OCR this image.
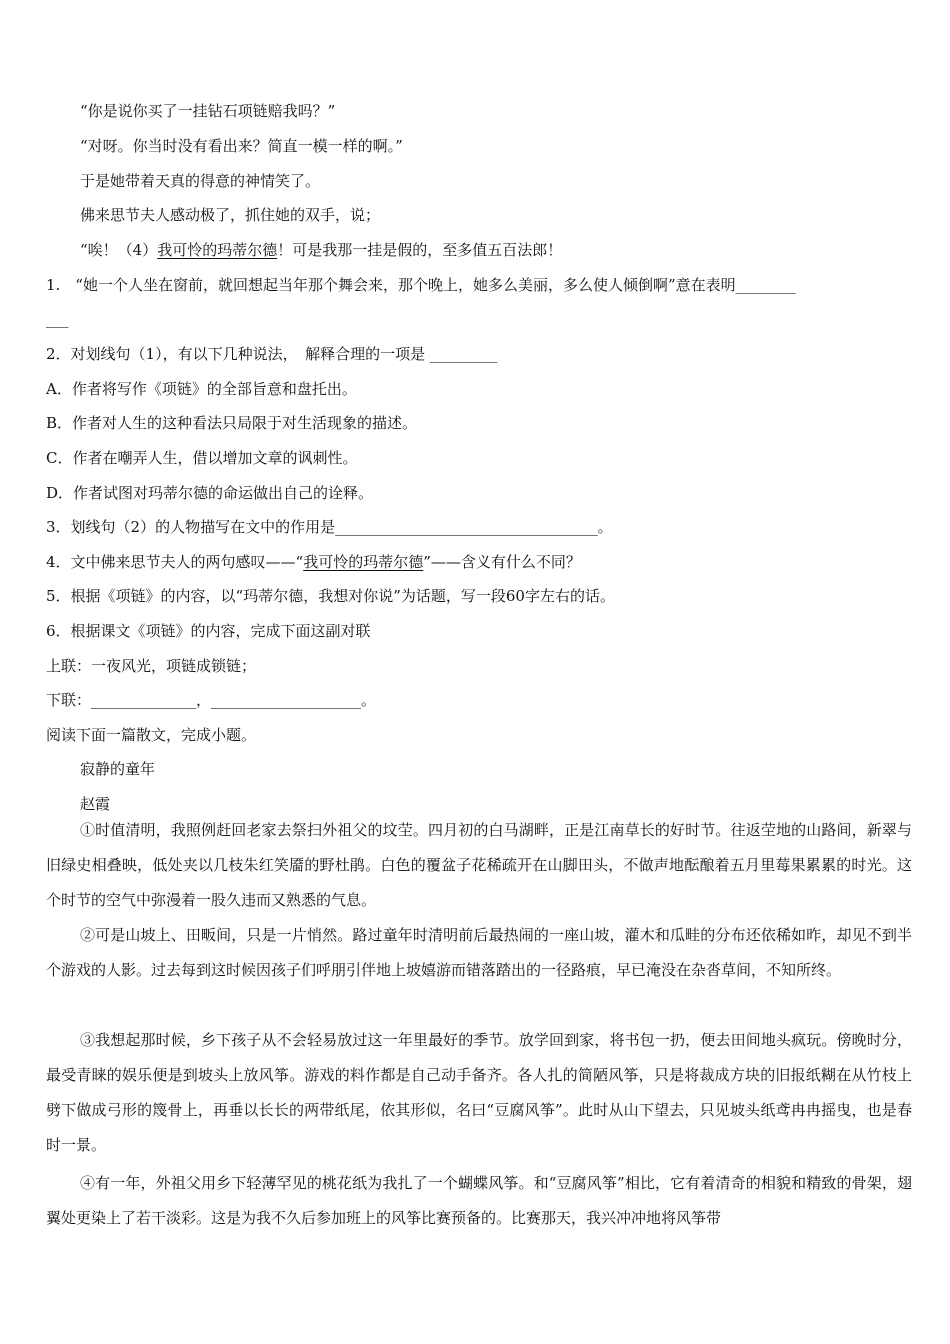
“你是说你买了一挂钻石项链赔我吗？”
“对呀。你当时没有看出来？简直一模一样的啊。”
于是她带着天真的得意的神情笑了。
佛来思节夫人感动极了，抓住她的双手，说；
“唉！（4）我可怜的玛蒂尔德！可是我那一挂是假的，至多值五百法郎！
1.　“她一个人坐在窗前，就回想起当年那个舞会来，那个晚上，她多么美丽，多么使人倾倒啊”意在表明________
___
2．对划线句（1），有以下几种说法，　解释合理的一项是 _________
A．作者将写作《项链》的全部旨意和盘托出。
B．作者对人生的这种看法只局限于对生活现象的描述。
C．作者在嘲弄人生，借以增加文章的讽刺性。
D．作者试图对玛蒂尔德的命运做出自己的诠释。
3．划线句（2）的人物描写在文中的作用是___________________________________。
4．文中佛来思节夫人的两句感叹——“我可怜的玛蒂尔德”——含义有什么不同？
5．根据《项链》的内容，以“玛蒂尔德，我想对你说”为话题，写一段60字左右的话。
6．根据课文《项链》的内容，完成下面这副对联
上联：一夜风光，项链成锁链；
下联：______________，____________________。
阅读下面一篇散文，完成小题。
寂静的童年
赵霞
①时值清明，我照例赶回老家去祭扫外祖父的坟茔。四月初的白马湖畔，正是江南草长的好时节。往返茔地的山路间，新翠与旧绿史相叠映，低处夹以几枝朱红笑靥的野杜鹃。白色的覆盆子花稀疏开在山脚田头，不做声地酝酿着五月里莓果累累的时光。这个时节的空气中弥漫着一股久违而又熟悉的气息。
②可是山坡上、田畈间，只是一片悄然。路过童年时清明前后最热闹的一座山坡，灌木和瓜畦的分布还依稀如昨，却见不到半个游戏的人影。过去每到这时候因孩子们呼朋引伴地上坡嬉游而错落踏出的一径路痕，早已淹没在杂沓草间，不知所终。
③我想起那时候，乡下孩子从不会轻易放过这一年里最好的季节。放学回到家，将书包一扔，便去田间地头疯玩。傍晚时分，最受青睐的娱乐便是到坡头上放风筝。游戏的料作都是自己动手备齐。各人扎的简陋风筝，只是将裁成方块的旧报纸糊在从竹枝上劈下做成弓形的篾骨上，再垂以长长的两带纸尾，依其形似，名曰“豆腐风筝”。此时从山下望去，只见坡头纸鸢冉冉摇曳，也是春时一景。
④有一年，外祖父用乡下轻薄罕见的桃花纸为我扎了一个蝴蝶风筝。和“豆腐风筝”相比，它有着清奇的相貌和精致的骨架，翅翼处更染上了若干淡彩。这是为我不久后参加班上的风筝比赛预备的。比赛那天，我兴冲冲地将风筝带
